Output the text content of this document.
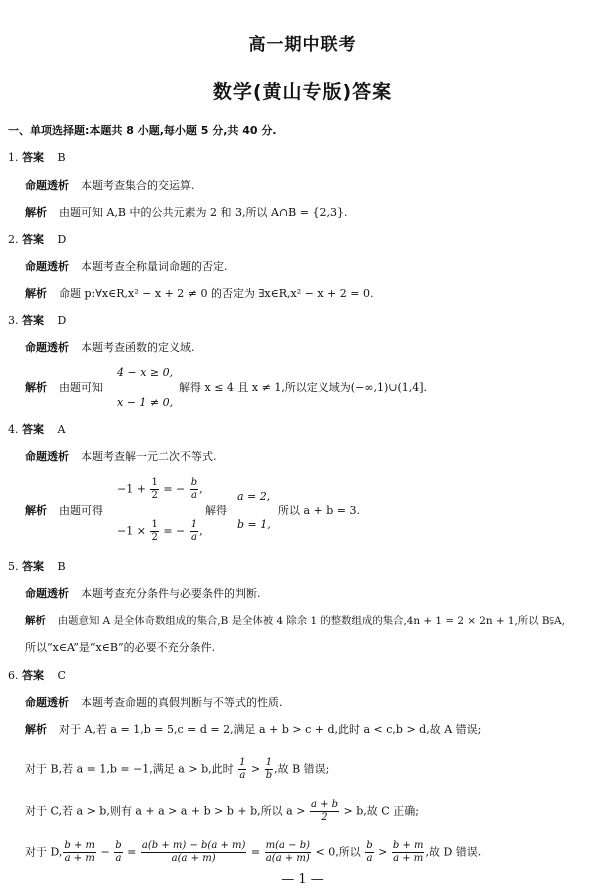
高一期中联考
数学(黄山专版)答案
一、单项选择题:本题共 8 小题,每小题 5 分,共 40 分.
1. 答案 B
命题透析 本题考查集合的交运算.
解析 由题可知 A,B 中的公共元素为 2 和 3,所以 A∩B = {2,3}.
2. 答案 D
命题透析 本题考查全称量词命题的否定.
解析 命题 p:∀x∈R,x² − x + 2 ≠ 0 的否定为 ∃x∈R,x² − x + 2 = 0.
3. 答案 D
命题透析 本题考查函数的定义域.
解析 由题可知
4 − x ≥ 0,
x − 1 ≠ 0,
解得 x ≤ 4 且 x ≠ 1,所以定义域为(−∞,1)∪(1,4].
4. 答案 A
命题透析 本题考查解一元二次不等式.
解析 由题可得
$-1 + \frac{1}{2}$ = − $\frac{b}{a}$ ,
$-1 \times \frac{1}{2}$ = − $\frac{1}{a}$ ,
解得
a = 2,
b = 1,
所以 a + b = 3.
5. 答案 B
命题透析 本题考查充分条件与必要条件的判断.
解析 由题意知 A 是全体奇数组成的集合,B 是全体被 4 除余 1 的整数组成的集合,4n + 1 = 2 × 2n + 1,所以 B⫋A,
所以“x∈A”是“x∈B”的必要不充分条件.
6. 答案 C
命题透析 本题考查命题的真假判断与不等式的性质.
解析 对于 A,若 a = 1,b = 5,c = d = 2,满足 a + b > c + d,此时 a < c,b > d,故 A 错误;
对于 B,若 a = 1,b = −1,满足 a > b,此时 $\frac{1}{a} > \frac{1}{b}$ ,故 B 错误;
对于 C,若 a > b,则有 a + a > a + b > b + b,所以 $a > \frac{a + b}{2} > b$,故 C 正确;
对于 D, $\frac{b + m}{a + m} - \frac{b}{a} = \frac{a(b + m) - b(a + m)}{a(a + m)} = \frac{m(a - b)}{a(a + m)} < 0$,所以 $\frac{b}{a} > \frac{b + m}{a + m}$ ,故 D 错误.
— 1 —
